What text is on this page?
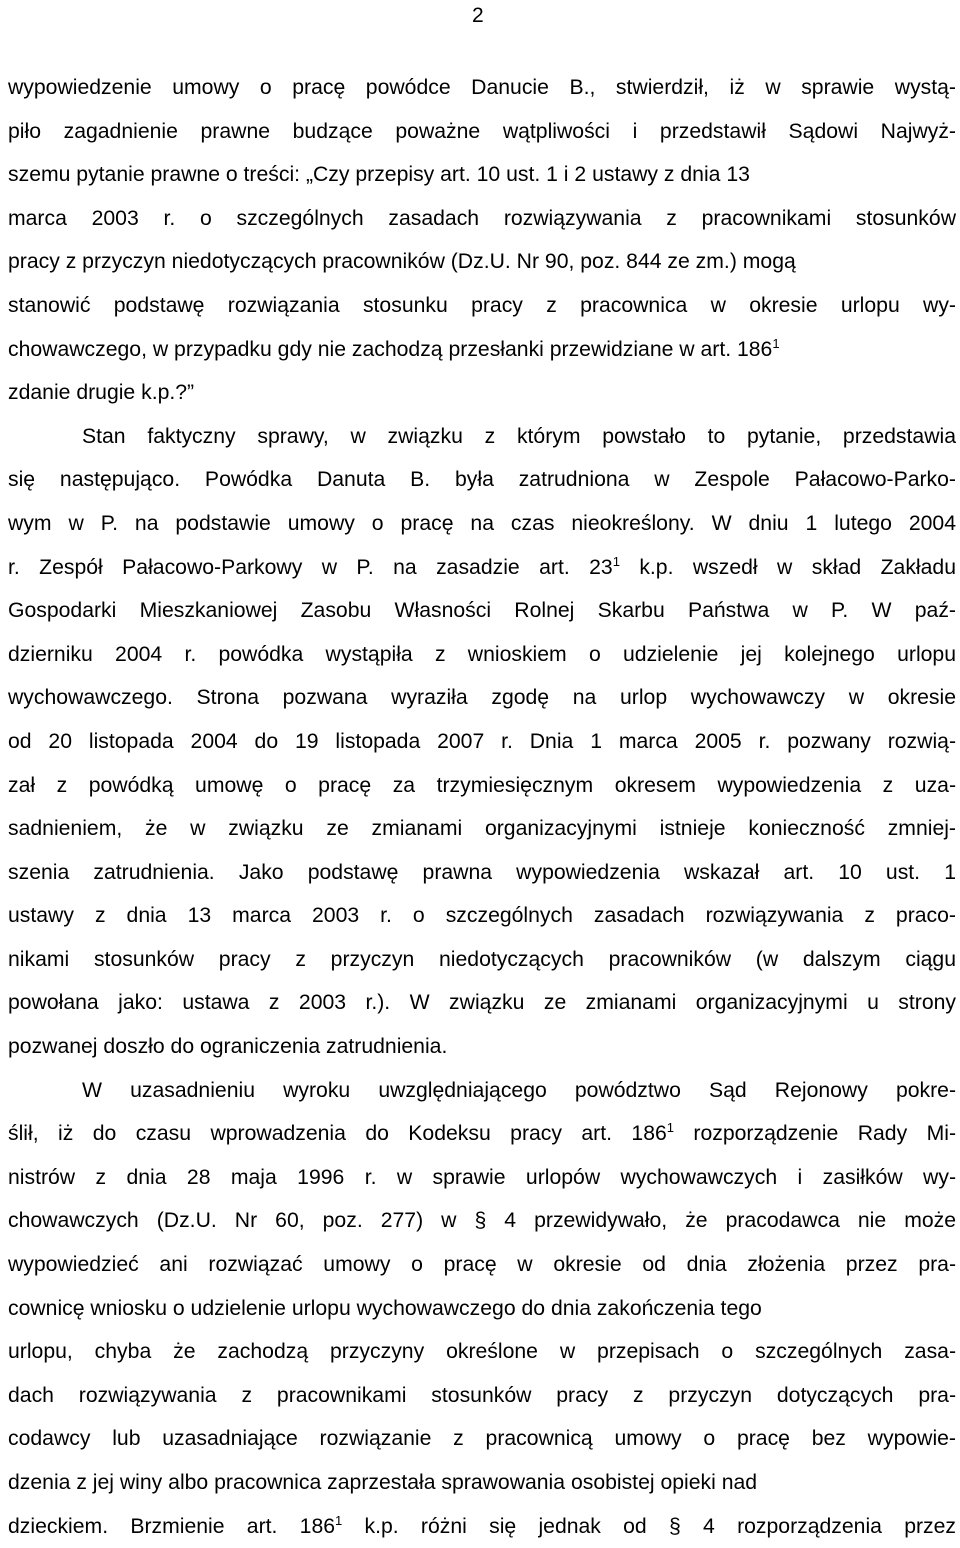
2
wypowiedzenie umowy o pracę powódce Danucie B., stwierdził, iż w sprawie wystą-
piło zagadnienie prawne budzące poważne wątpliwości i przedstawił Sądowi Najwyż-
szemu pytanie prawne o treści: „Czy przepisy art. 10 ust. 1 i 2 ustawy z dnia 13
marca 2003 r. o szczególnych zasadach rozwiązywania z pracownikami stosunków
pracy z przyczyn niedotyczących pracowników (Dz.U. Nr 90, poz. 844 ze zm.) mogą
stanowić podstawę rozwiązania stosunku pracy z pracownica w okresie urlopu wy-
chowawczego, w przypadku gdy nie zachodzą przesłanki przewidziane w art. $186^1$
zdanie drugie k.p.?”
Stan faktyczny sprawy, w związku z którym powstało to pytanie, przedstawia
się następująco. Powódka Danuta B. była zatrudniona w Zespole Pałacowo-Parko-
wym w P. na podstawie umowy o pracę na czas nieokreślony. W dniu 1 lutego 2004
r. Zespół Pałacowo-Parkowy w P. na zasadzie art. $23^1$ k.p. wszedł w skład Zakładu
Gospodarki Mieszkaniowej Zasobu Własności Rolnej Skarbu Państwa w P. W paź-
dzierniku 2004 r. powódka wystąpiła z wnioskiem o udzielenie jej kolejnego urlopu
wychowawczego. Strona pozwana wyraziła zgodę na urlop wychowawczy w okresie
od 20 listopada 2004 do 19 listopada 2007 r. Dnia 1 marca 2005 r. pozwany rozwią-
zał z powódką umowę o pracę za trzymiesięcznym okresem wypowiedzenia z uza-
sadnieniem, że w związku ze zmianami organizacyjnymi istnieje konieczność zmniej-
szenia zatrudnienia. Jako podstawę prawna wypowiedzenia wskazał art. 10 ust. 1
ustawy z dnia 13 marca 2003 r. o szczególnych zasadach rozwiązywania z praco-
nikami stosunków pracy z przyczyn niedotyczących pracowników (w dalszym ciągu
powołana jako: ustawa z 2003 r.). W związku ze zmianami organizacyjnymi u strony
pozwanej doszło do ograniczenia zatrudnienia.
W uzasadnieniu wyroku uwzględniającego powództwo Sąd Rejonowy pokre-
ślił, iż do czasu wprowadzenia do Kodeksu pracy art. $186^1$ rozporządzenie Rady Mi-
nistrów z dnia 28 maja 1996 r. w sprawie urlopów wychowawczych i zasiłków wy-
chowawczych (Dz.U. Nr 60, poz. 277) w § 4 przewidywało, że pracodawca nie może
wypowiedzieć ani rozwiązać umowy o pracę w okresie od dnia złożenia przez pra-
cownicę wniosku o udzielenie urlopu wychowawczego do dnia zakończenia tego
urlopu, chyba że zachodzą przyczyny określone w przepisach o szczególnych zasa-
dach rozwiązywania z pracownikami stosunków pracy z przyczyn dotyczących pra-
codawcy lub uzasadniające rozwiązanie z pracownicą umowy o pracę bez wypowie-
dzenia z jej winy albo pracownica zaprzestała sprawowania osobistej opieki nad
dzieckiem. Brzmienie art. $186^1$ k.p. różni się jednak od § 4 rozporządzenia przez
